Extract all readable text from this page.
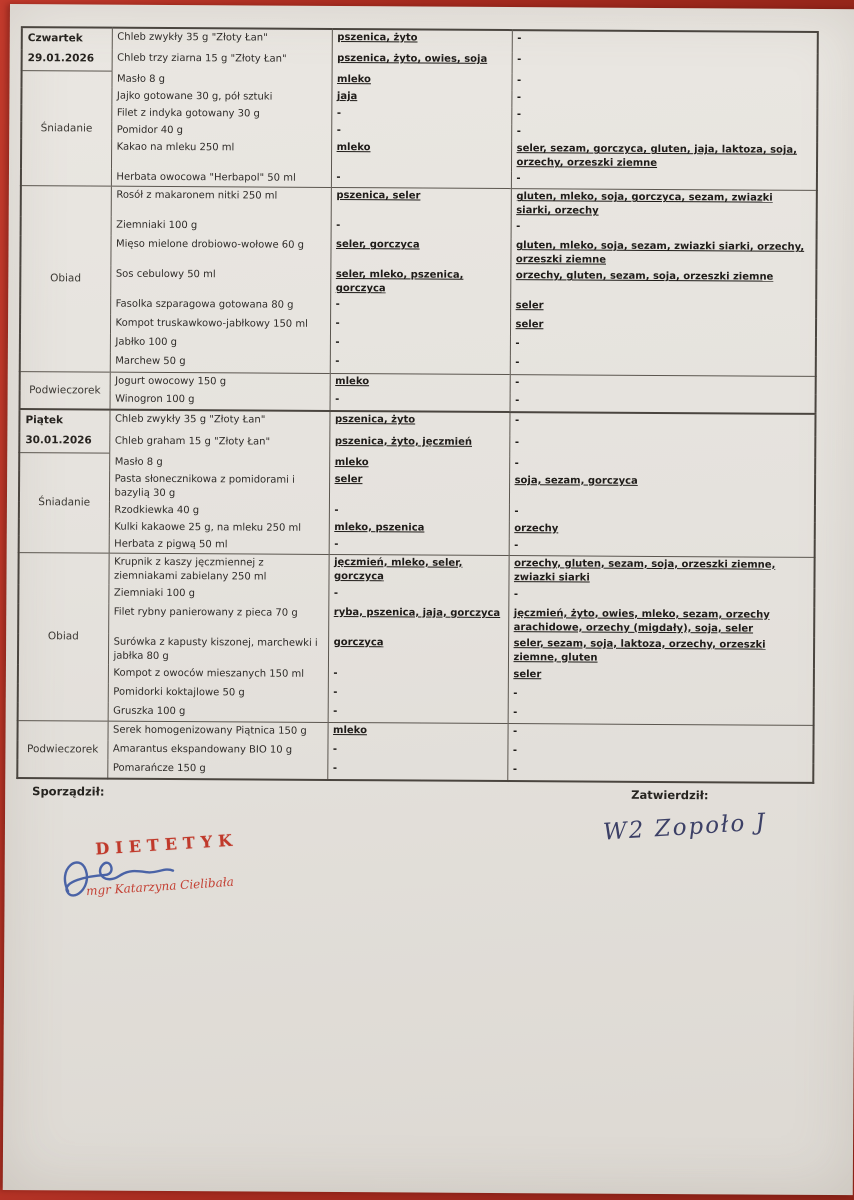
Czwartek
29.01.2026	Chleb zwykły 35 g "Złoty Łan"	pszenica, żyto	-
	Chleb trzy ziarna 15 g "Złoty Łan"	pszenica, żyto, owies, soja	-
Śniadanie	Masło 8 g	mleko	-
	Jajko gotowane 30 g, pół sztuki	jaja	-
	Filet z indyka gotowany 30 g	-	-
	Pomidor 40 g	-	-
	Kakao na mleku 250 ml	mleko	seler, sezam, gorczyca, gluten, jaja, laktoza, soja, orzechy, orzeszki ziemne
	Herbata owocowa "Herbapol" 50 ml	-	-
Obiad	Rosół z makaronem nitki 250 ml	pszenica, seler	gluten, mleko, soja, gorczyca, sezam, zwiazki siarki, orzechy
	Ziemniaki 100 g	-	-
	Mięso mielone drobiowo-wołowe 60 g	seler, gorczyca	gluten, mleko, soja, sezam, zwiazki siarki, orzechy, orzeszki ziemne
	Sos cebulowy 50 ml	seler, mleko, pszenica, gorczyca	orzechy, gluten, sezam, soja, orzeszki ziemne
	Fasolka szparagowa gotowana 80 g	-	seler
	Kompot truskawkowo-jabłkowy 150 ml	-	seler
	Jabłko 100 g	-	-
	Marchew 50 g	-	-
Podwieczorek	Jogurt owocowy 150 g	mleko	-
	Winogron 100 g	-	-

Piątek
30.01.2026	Chleb zwykły 35 g "Złoty Łan"	pszenica, żyto	-
	Chleb graham 15 g "Złoty Łan"	pszenica, żyto, jęczmień	-
Śniadanie	Masło 8 g	mleko	-
	Pasta słonecznikowa z pomidorami i bazylią 30 g	seler	soja, sezam, gorczyca
	Rzodkiewka 40 g	-	-
	Kulki kakaowe 25 g, na mleku 250 ml	mleko, pszenica	orzechy
	Herbata z pigwą 50 ml	-	-
Obiad	Krupnik z kaszy jęczmiennej z ziemniakami zabielany 250 ml	jęczmień, mleko, seler, gorczyca	orzechy, gluten, sezam, soja, orzeszki ziemne, zwiazki siarki
	Ziemniaki 100 g	-	-
	Filet rybny panierowany z pieca 70 g	ryba, pszenica, jaja, gorczyca	jęczmień, żyto, owies, mleko, sezam, orzechy arachidowe, orzechy (migdały), soja, seler
	Surówka z kapusty kiszonej, marchewki i jabłka 80 g	gorczyca	seler, sezam, soja, laktoza, orzechy, orzeszki ziemne, gluten
	Kompot z owoców mieszanych 150 ml	-	seler
	Pomidorki koktajlowe 50 g	-	-
	Gruszka 100 g	-	-
Podwieczorek	Serek homogenizowany Piątnica 150 g	mleko	-
	Amarantus ekspandowany BIO 10 g	-	-
	Pomarańcze 150 g	-	-
Sporządził:	Zatwierdził:
W2 Zopoło J
DIETETYK
mgr Katarzyna Cielibała
